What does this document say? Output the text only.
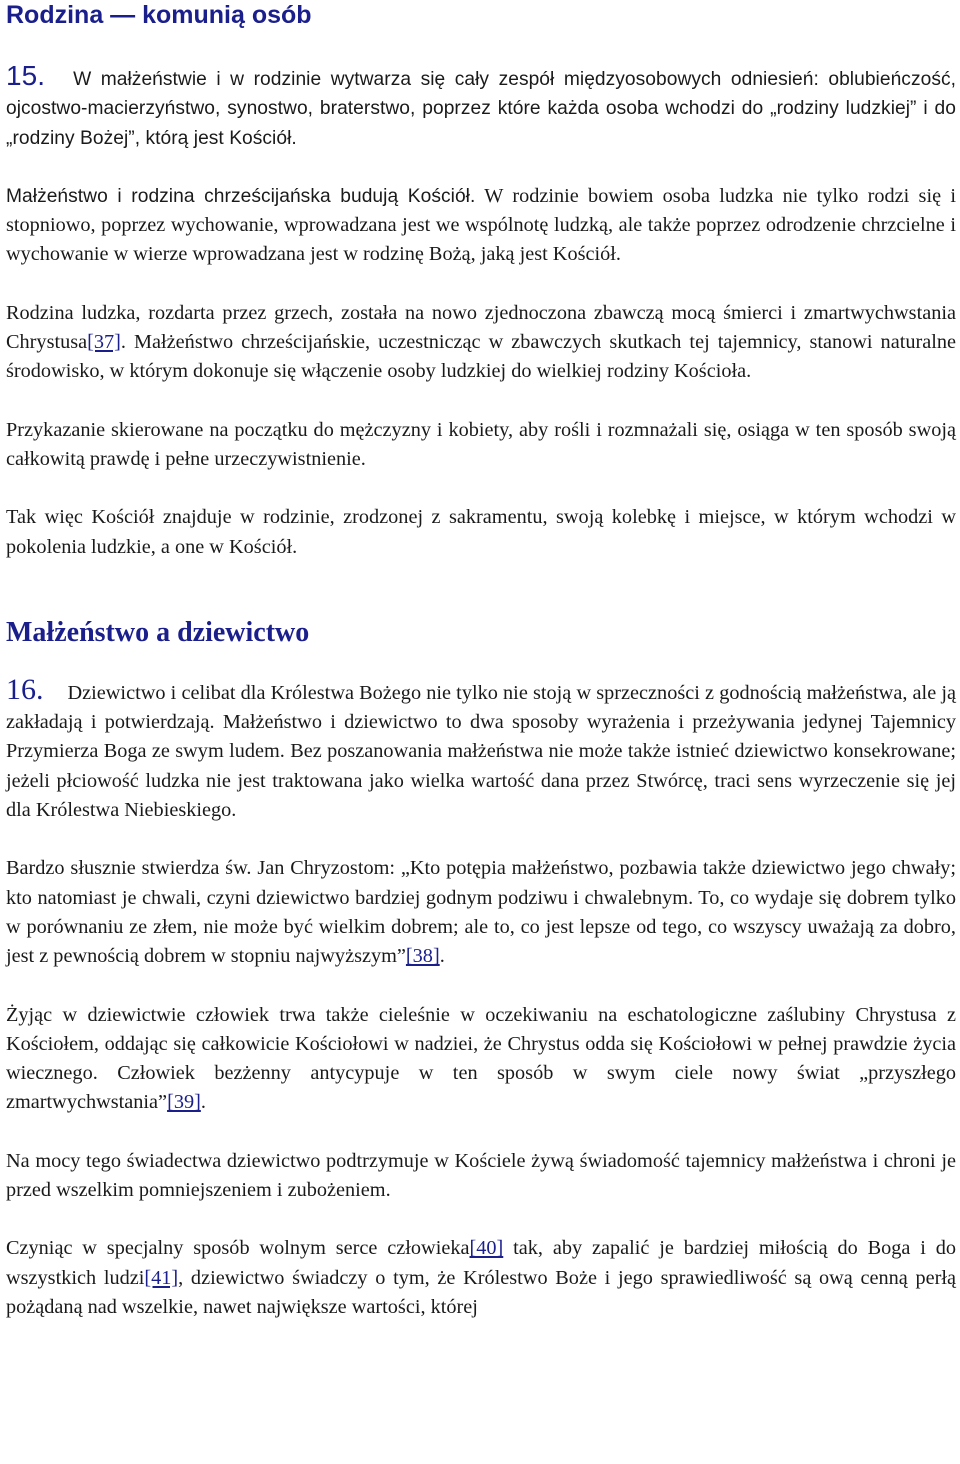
Rodzina — komunią osób

15. W małżeństwie i w rodzinie wytwarza się cały zespół międzyosobowych odniesień: oblubieńczość, ojcostwo-macierzyństwo, synostwo, braterstwo, poprzez które każda osoba wchodzi do „rodziny ludzkiej” i do „rodziny Bożej”, którą jest Kościół.

Małżeństwo i rodzina chrześcijańska budują Kościół. W rodzinie bowiem osoba ludzka nie tylko rodzi się i stopniowo, poprzez wychowanie, wprowadzana jest we wspólnotę ludzką, ale także poprzez odrodzenie chrzcielne i wychowanie w wierze wprowadzana jest w rodzinę Bożą, jaką jest Kościół.

Rodzina ludzka, rozdarta przez grzech, została na nowo zjednoczona zbawczą mocą śmierci i zmartwychwstania Chrystusa[37]. Małżeństwo chrześcijańskie, uczestnicząc w zbawczych skutkach tej tajemnicy, stanowi naturalne środowisko, w którym dokonuje się włączenie osoby ludzkiej do wielkiej rodziny Kościoła.

Przykazanie skierowane na początku do mężczyzny i kobiety, aby rośli i rozmnażali się, osiąga w ten sposób swoją całkowitą prawdę i pełne urzeczywistnienie.

Tak więc Kościół znajduje w rodzinie, zrodzonej z sakramentu, swoją kolebkę i miejsce, w którym wchodzi w pokolenia ludzkie, a one w Kościół.

Małżeństwo a dziewictwo

16. Dziewictwo i celibat dla Królestwa Bożego nie tylko nie stoją w sprzeczności z godnością małżeństwa, ale ją zakładają i potwierdzają. Małżeństwo i dziewictwo to dwa sposoby wyrażenia i przeżywania jedynej Tajemnicy Przymierza Boga ze swym ludem. Bez poszanowania małżeństwa nie może także istnieć dziewictwo konsekrowane; jeżeli płciowość ludzka nie jest traktowana jako wielka wartość dana przez Stwórcę, traci sens wyrzeczenie się jej dla Królestwa Niebieskiego.

Bardzo słusznie stwierdza św. Jan Chryzostom: „Kto potępia małżeństwo, pozbawia także dziewictwo jego chwały; kto natomiast je chwali, czyni dziewictwo bardziej godnym podziwu i chwalebnym. To, co wydaje się dobrem tylko w porównaniu ze złem, nie może być wielkim dobrem; ale to, co jest lepsze od tego, co wszyscy uważają za dobro, jest z pewnością dobrem w stopniu najwyższym”[38].

Żyjąc w dziewictwie człowiek trwa także cieleśnie w oczekiwaniu na eschatologiczne zaślubiny Chrystusa z Kościołem, oddając się całkowicie Kościołowi w nadziei, że Chrystus odda się Kościołowi w pełnej prawdzie życia wiecznego. Człowiek bezżenny antycypuje w ten sposób w swym ciele nowy świat „przyszłego zmartwychwstania”[39].

Na mocy tego świadectwa dziewictwo podtrzymuje w Kościele żywą świadomość tajemnicy małżeństwa i chroni je przed wszelkim pomniejszeniem i zubożeniem.

Czyniąc w specjalny sposób wolnym serce człowieka[40] tak, aby zapalić je bardziej miłością do Boga i do wszystkich ludzi[41], dziewictwo świadczy o tym, że Królestwo Boże i jego sprawiedliwość są ową cenną perłą pożądaną nad wszelkie, nawet największe wartości, której
